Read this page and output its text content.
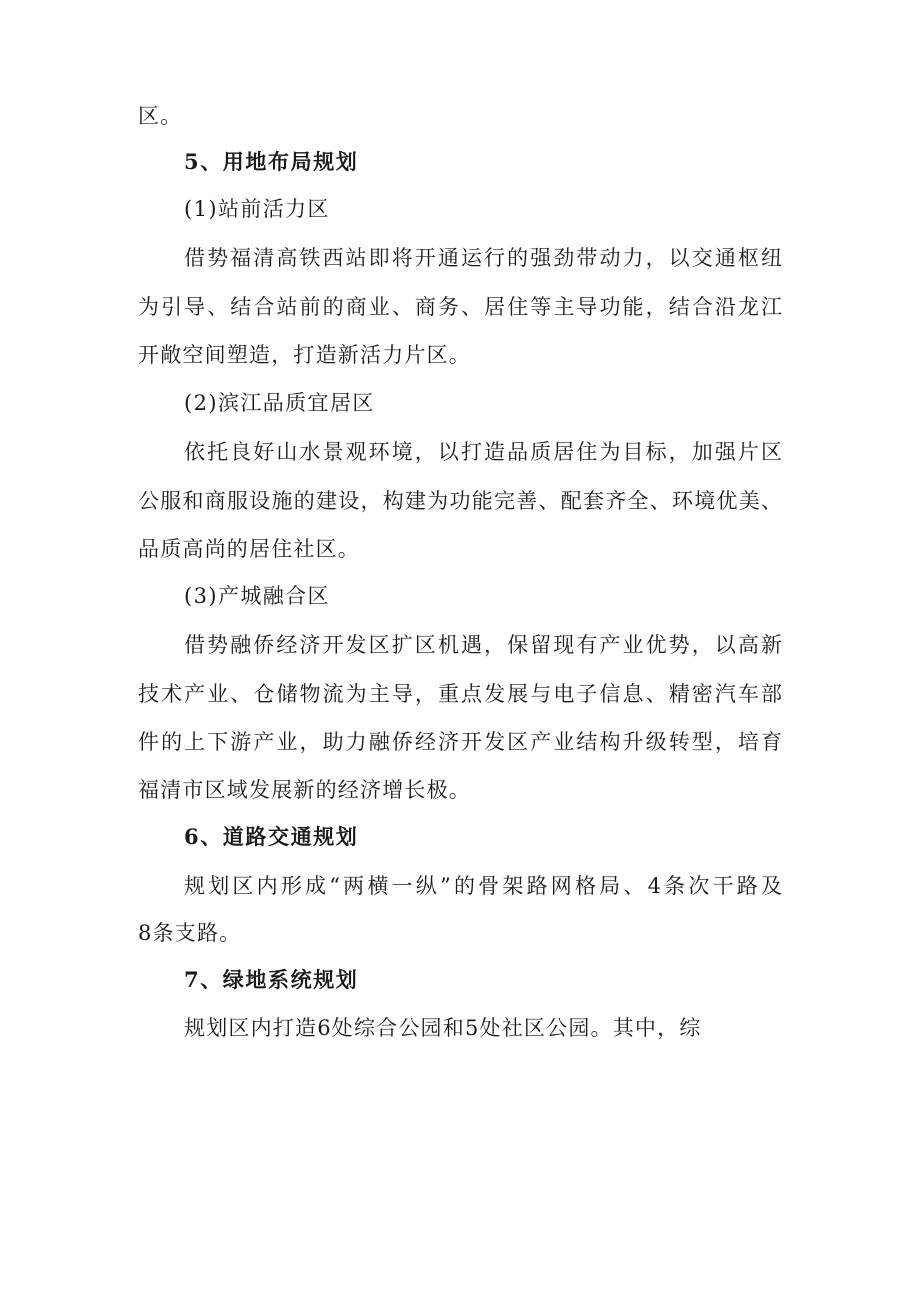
区。
5、用地布局规划
(1)站前活力区
借势福清高铁西站即将开通运行的强劲带动力，以交通枢纽
为引导、结合站前的商业、商务、居住等主导功能，结合沿龙江
开敞空间塑造，打造新活力片区。
(2)滨江品质宜居区
依托良好山水景观环境，以打造品质居住为目标，加强片区
公服和商服设施的建设，构建为功能完善、配套齐全、环境优美、
品质高尚的居住社区。
(3)产城融合区
借势融侨经济开发区扩区机遇，保留现有产业优势，以高新
技术产业、仓储物流为主导，重点发展与电子信息、精密汽车部
件的上下游产业，助力融侨经济开发区产业结构升级转型，培育
福清市区域发展新的经济增长极。
6、道路交通规划
规划区内形成“两横一纵”的骨架路网格局、4条次干路及
8条支路。
7、绿地系统规划
规划区内打造6处综合公园和5处社区公园。其中，综
